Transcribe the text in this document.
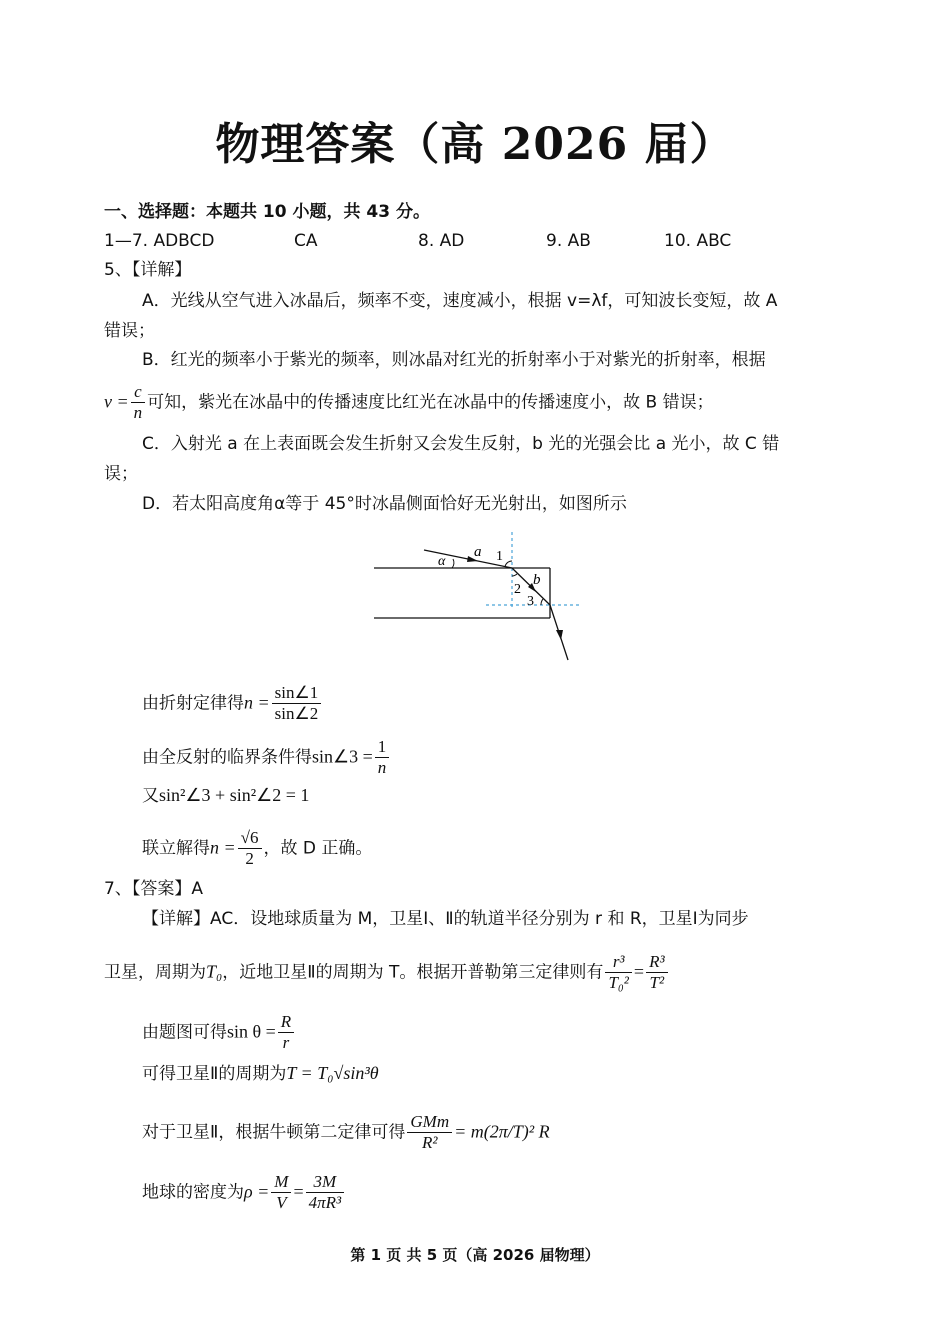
物理答案（高 2026 届）
一、选择题：本题共 10 小题，共 43 分。
1—7. ADBCD	CA	8. AD	9. AB	10. ABC
5、【详解】
A．光线从空气进入冰晶后，频率不变，速度减小，根据 v=λf，可知波长变短，故 A
错误；
B．红光的频率小于紫光的频率，则冰晶对红光的折射率小于对紫光的折射率，根据
$v = \frac{c}{n}$ 可知，紫光在冰晶中的传播速度比红光在冰晶中的传播速度小，故 B 错误；
C．入射光 a 在上表面既会发生折射又会发生反射，b 光的光强会比 a 光小，故 C 错
误；
D．若太阳高度角α等于 45°时冰晶侧面恰好无光射出，如图所示
α
a 1
2
b
3
由折射定律得$n = \frac{\sin\angle 1}{\sin\angle 2}$
由全反射的临界条件得sin∠3 = $\frac{1}{n}$
又sin²∠3 + sin²∠2 = 1
联立解得$n = \frac{√6}{2}$ ，故 D 正确。
7、【答案】A
【详解】AC．设地球质量为 M，卫星Ⅰ、Ⅱ的轨道半径分别为 r 和 R，卫星Ⅰ为同步
卫星，周期为T₀，近地卫星Ⅱ的周期为 T。根据开普勒第三定律则有 $\frac{\text{r³}}{\text{T₀²}} = \frac{\text{R³}}{\text{T²}}$
由题图可得$\sin \theta = \frac{R}{r}$
可得卫星Ⅱ的周期为T = T₀√sin³θ
对于卫星Ⅱ，根据牛顿第二定律可得 $\frac{\text{GMm}}{\text{R²}} = m(2\pi/T)^2$ R
地球的密度为$\rho = \frac{M}{V} = \frac{3M}{\text{4πR³}}$
第 1 页 共 5 页（高 2026 届物理）
